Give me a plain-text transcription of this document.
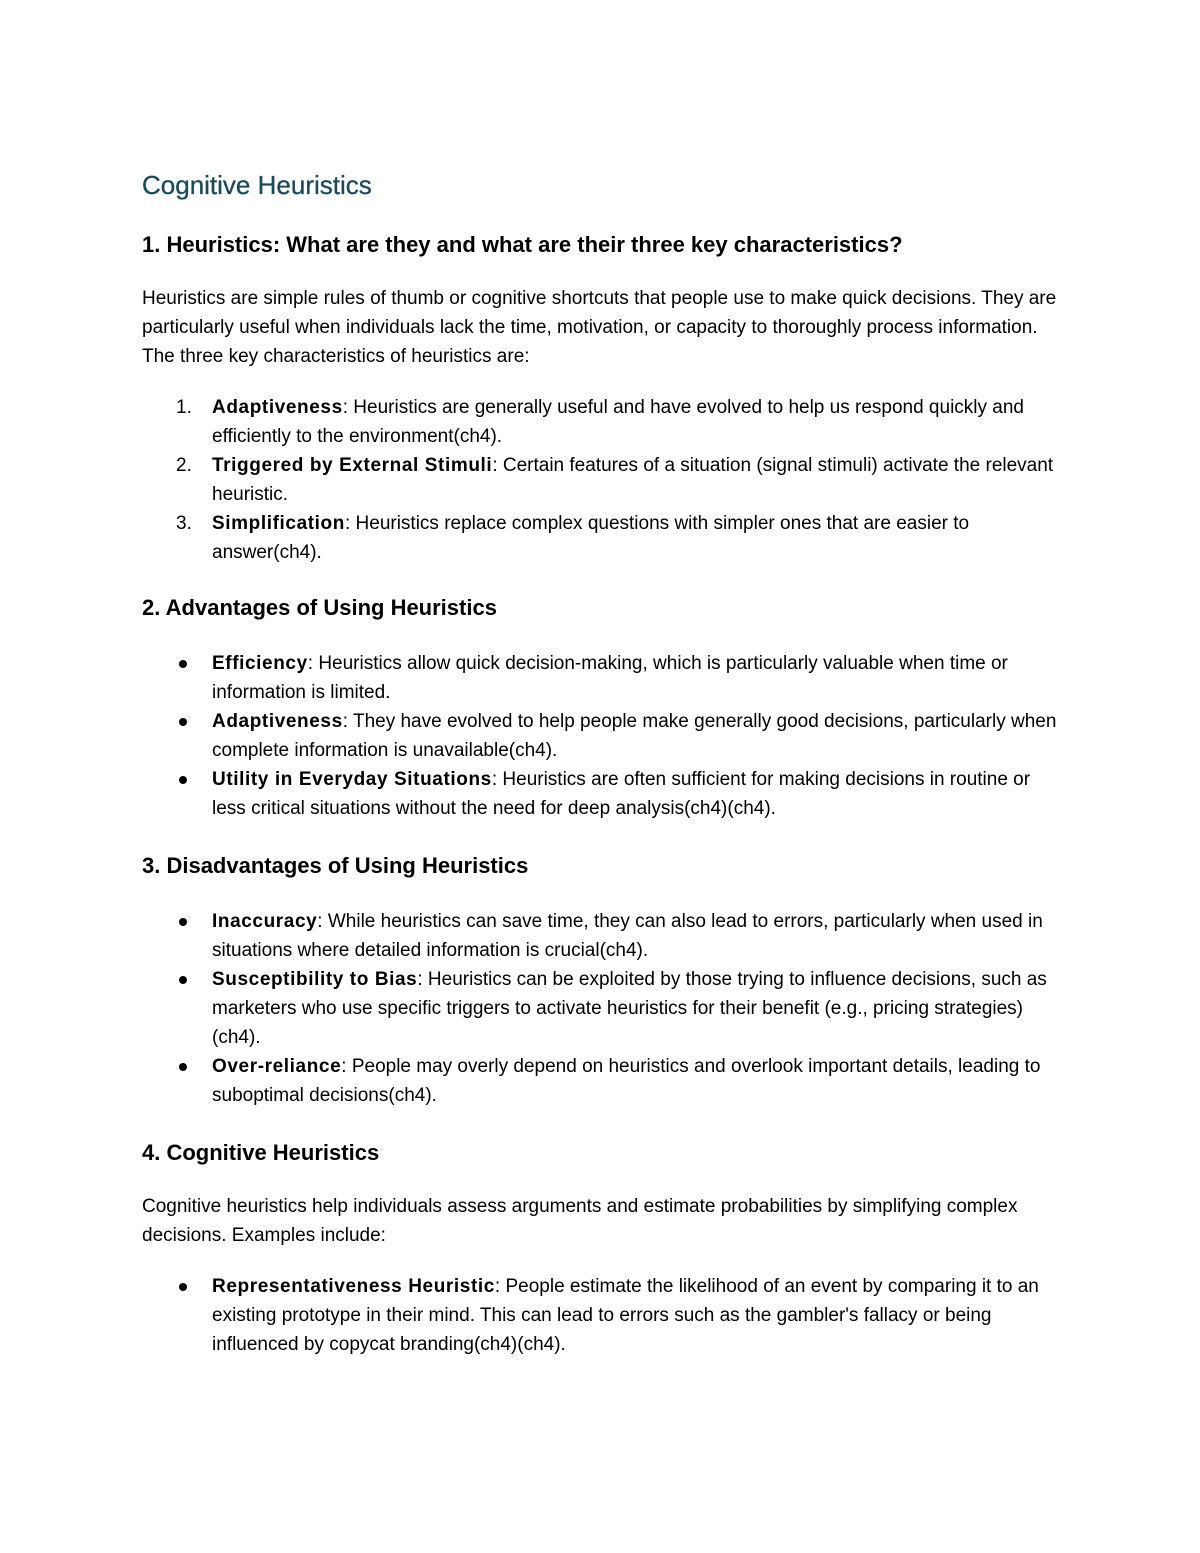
Cognitive Heuristics
1. Heuristics: What are they and what are their three key characteristics?

Heuristics are simple rules of thumb or cognitive shortcuts that people use to make quick decisions. They are particularly useful when individuals lack the time, motivation, or capacity to thoroughly process information. The three key characteristics of heuristics are:

1. Adaptiveness: Heuristics are generally useful and have evolved to help us respond quickly and efficiently to the environment(ch4).
2. Triggered by External Stimuli: Certain features of a situation (signal stimuli) activate the relevant heuristic.
3. Simplification: Heuristics replace complex questions with simpler ones that are easier to answer(ch4).
2. Advantages of Using Heuristics
Efficiency: Heuristics allow quick decision-making, which is particularly valuable when time or information is limited.
Adaptiveness: They have evolved to help people make generally good decisions, particularly when complete information is unavailable(ch4).
Utility in Everyday Situations: Heuristics are often sufficient for making decisions in routine or less critical situations without the need for deep analysis(ch4)(ch4).
3. Disadvantages of Using Heuristics
Inaccuracy: While heuristics can save time, they can also lead to errors, particularly when used in situations where detailed information is crucial(ch4).
Susceptibility to Bias: Heuristics can be exploited by those trying to influence decisions, such as marketers who use specific triggers to activate heuristics for their benefit (e.g., pricing strategies)(ch4).
Over-reliance: People may overly depend on heuristics and overlook important details, leading to suboptimal decisions(ch4).
4. Cognitive Heuristics

Cognitive heuristics help individuals assess arguments and estimate probabilities by simplifying complex decisions. Examples include:

Representativeness Heuristic: People estimate the likelihood of an event by comparing it to an existing prototype in their mind. This can lead to errors such as the gambler's fallacy or being influenced by copycat branding(ch4)(ch4).
